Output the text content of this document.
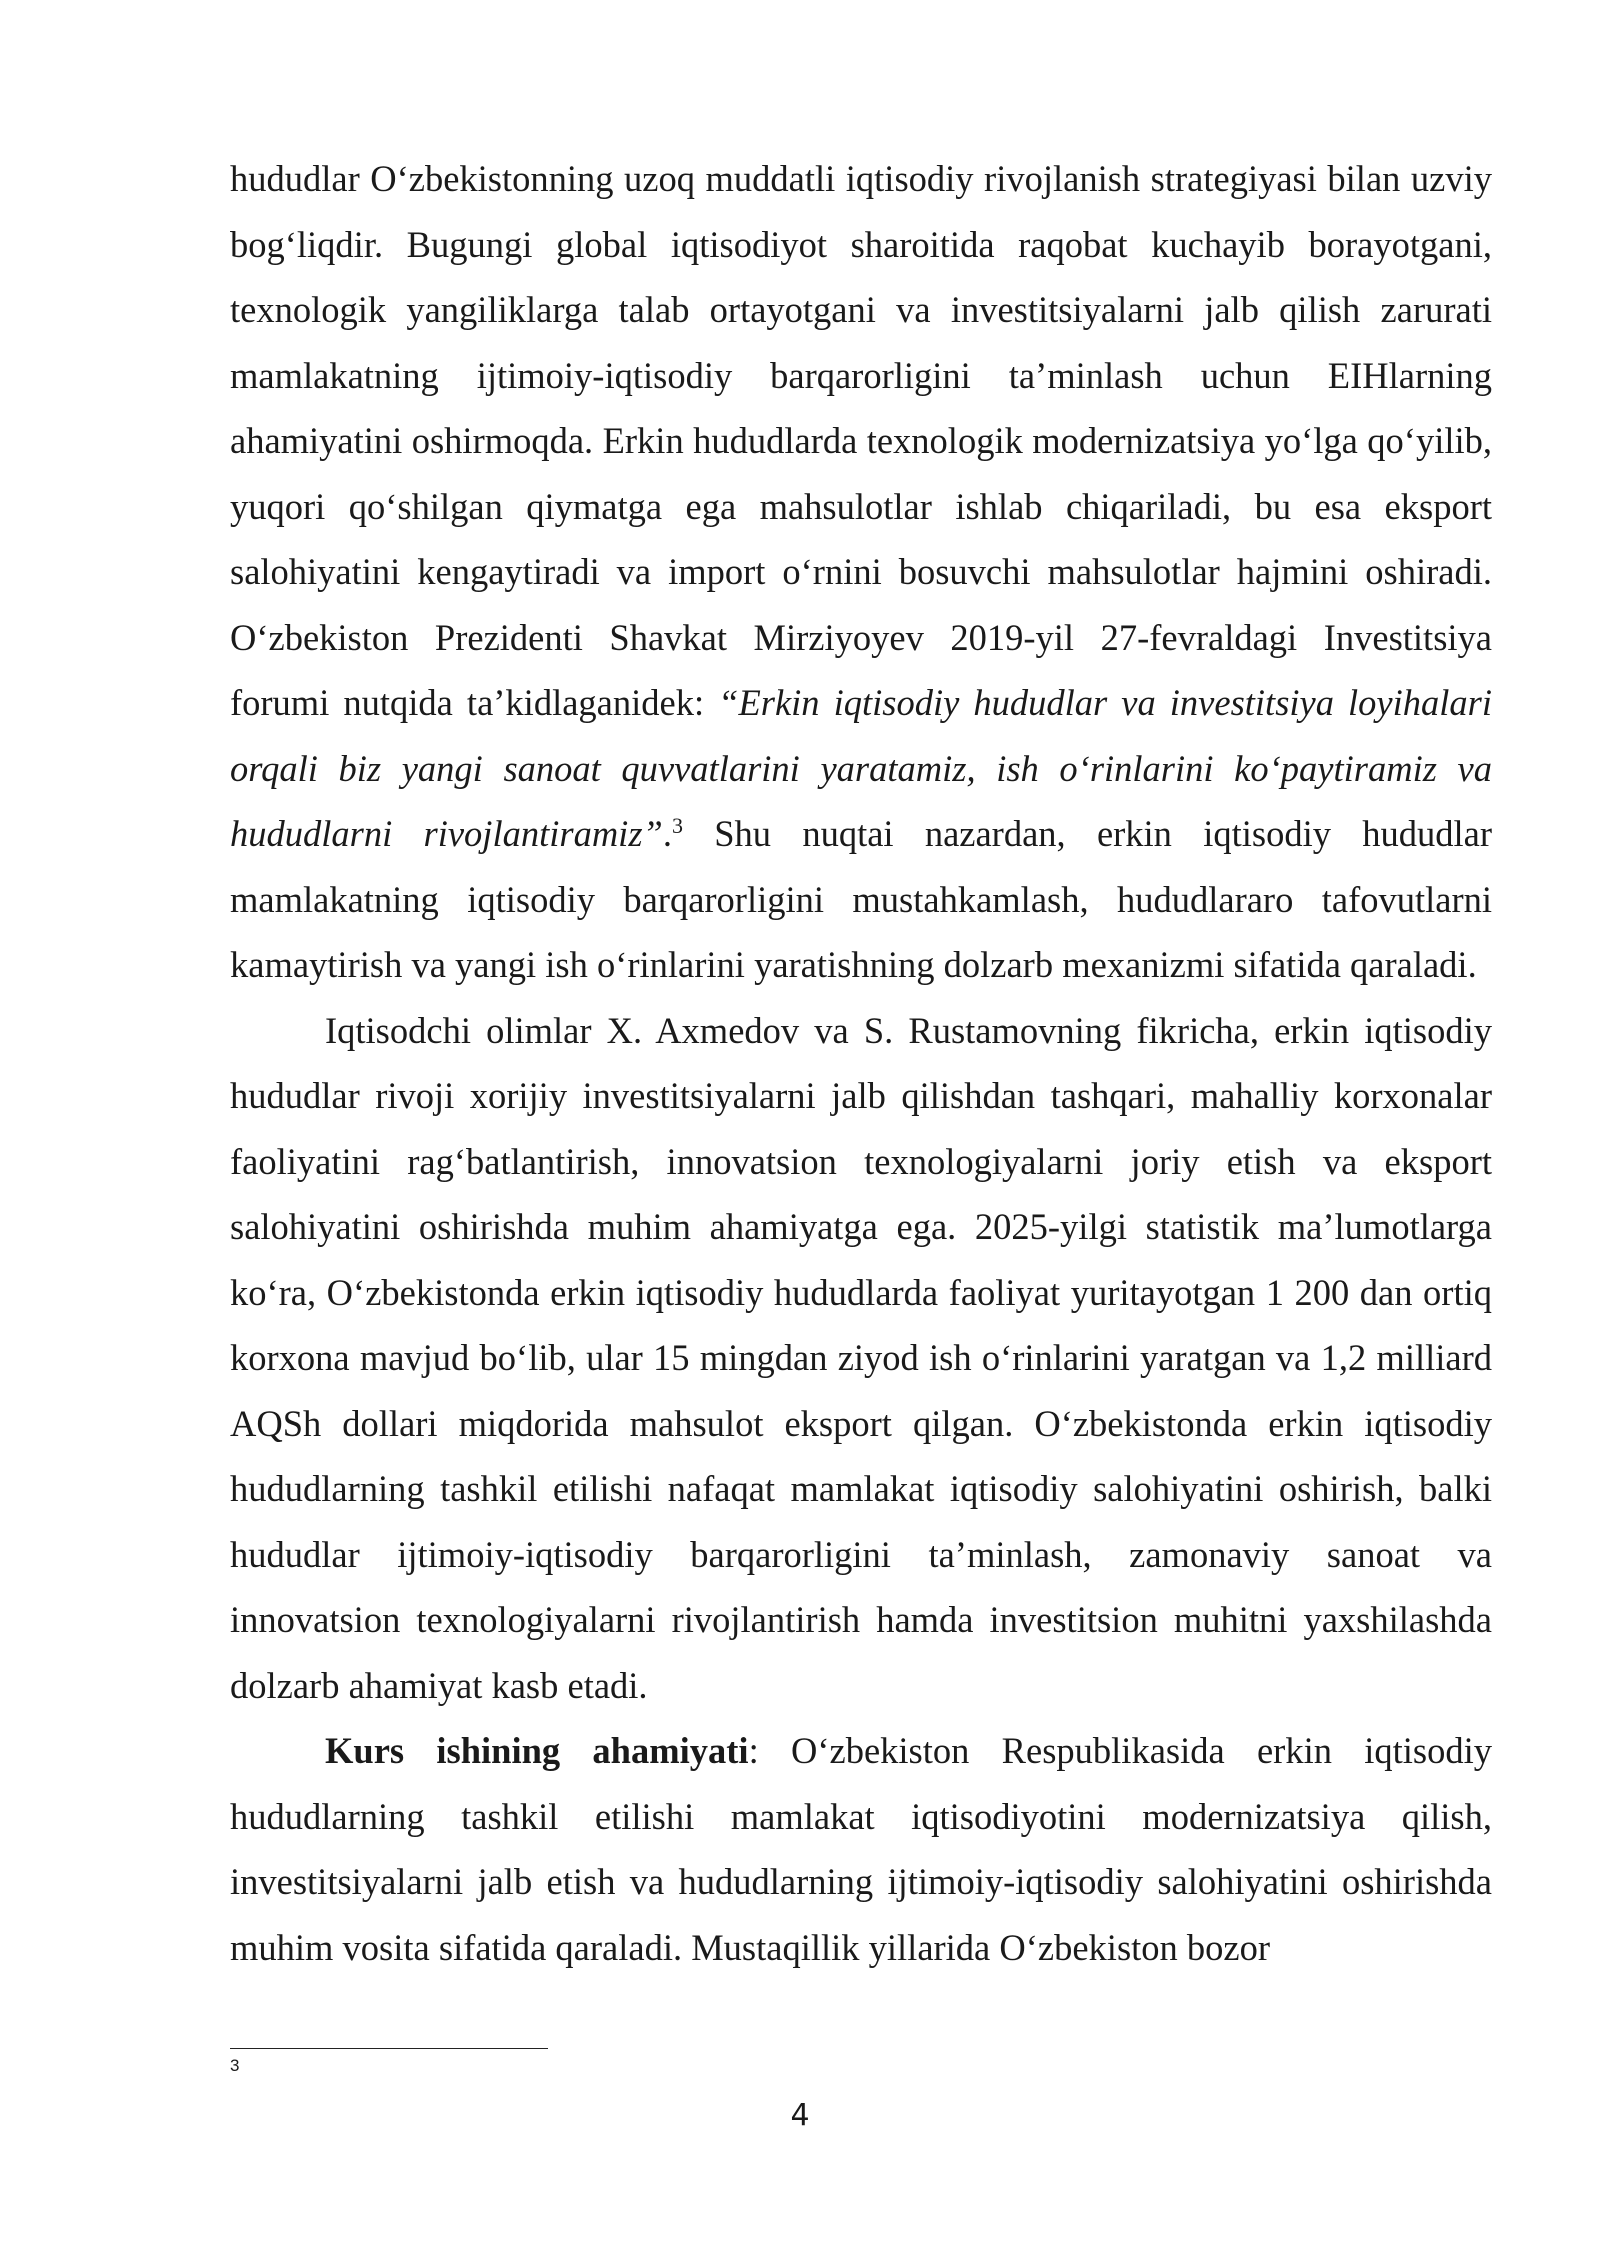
hududlar O‘zbekistonning uzoq muddatli iqtisodiy rivojlanish strategiyasi bilan uzviy bog‘liqdir. Bugungi global iqtisodiyot sharoitida raqobat kuchayib borayotgani, texnologik yangiliklarga talab ortayotgani va investitsiyalarni jalb qilish zarurati mamlakatning ijtimoiy-iqtisodiy barqarorligini ta’minlash uchun EIHlarning ahamiyatini oshirmoqda. Erkin hududlarda texnologik modernizatsiya yo‘lga qo‘yilib, yuqori qo‘shilgan qiymatga ega mahsulotlar ishlab chiqariladi, bu esa eksport salohiyatini kengaytiradi va import o‘rnini bosuvchi mahsulotlar hajmini oshiradi. O‘zbekiston Prezidenti Shavkat Mirziyoyev 2019-yil 27-fevraldagi Investitsiya forumi nutqida ta’kidlaganidek: “Erkin iqtisodiy hududlar va investitsiya loyihalari orqali biz yangi sanoat quvvatlarini yaratamiz, ish o‘rinlarini ko‘paytiramiz va hududlarni rivojlantiramiz”.$^3$ Shu nuqtai nazardan, erkin iqtisodiy hududlar mamlakatning iqtisodiy barqarorligini mustahkamlash, hududlararo tafovutlarni kamaytirish va yangi ish o‘rinlarini yaratishning dolzarb mexanizmi sifatida qaraladi.

Iqtisodchi olimlar X. Axmedov va S. Rustamovning fikricha, erkin iqtisodiy hududlar rivoji xorijiy investitsiyalarni jalb qilishdan tashqari, mahalliy korxonalar faoliyatini rag‘batlantirish, innovatsion texnologiyalarni joriy etish va eksport salohiyatini oshirishda muhim ahamiyatga ega. 2025-yilgi statistik ma’lumotlarga ko‘ra, O‘zbekistonda erkin iqtisodiy hududlarda faoliyat yuritayotgan 1 200 dan ortiq korxona mavjud bo‘lib, ular 15 mingdan ziyod ish o‘rinlarini yaratgan va 1,2 milliard AQSh dollari miqdorida mahsulot eksport qilgan. O‘zbekistonda erkin iqtisodiy hududlarning tashkil etilishi nafaqat mamlakat iqtisodiy salohiyatini oshirish, balki hududlar ijtimoiy-iqtisodiy barqarorligini ta’minlash, zamonaviy sanoat va innovatsion texnologiyalarni rivojlantirish hamda investitsion muhitni yaxshilashda dolzarb ahamiyat kasb etadi.

Kurs ishining ahamiyati: O‘zbekiston Respublikasida erkin iqtisodiy hududlarning tashkil etilishi mamlakat iqtisodiyotini modernizatsiya qilish, investitsiyalarni jalb etish va hududlarning ijtimoiy-iqtisodiy salohiyatini oshirishda muhim vosita sifatida qaraladi. Mustaqillik yillarida O‘zbekiston bozor

3
4
